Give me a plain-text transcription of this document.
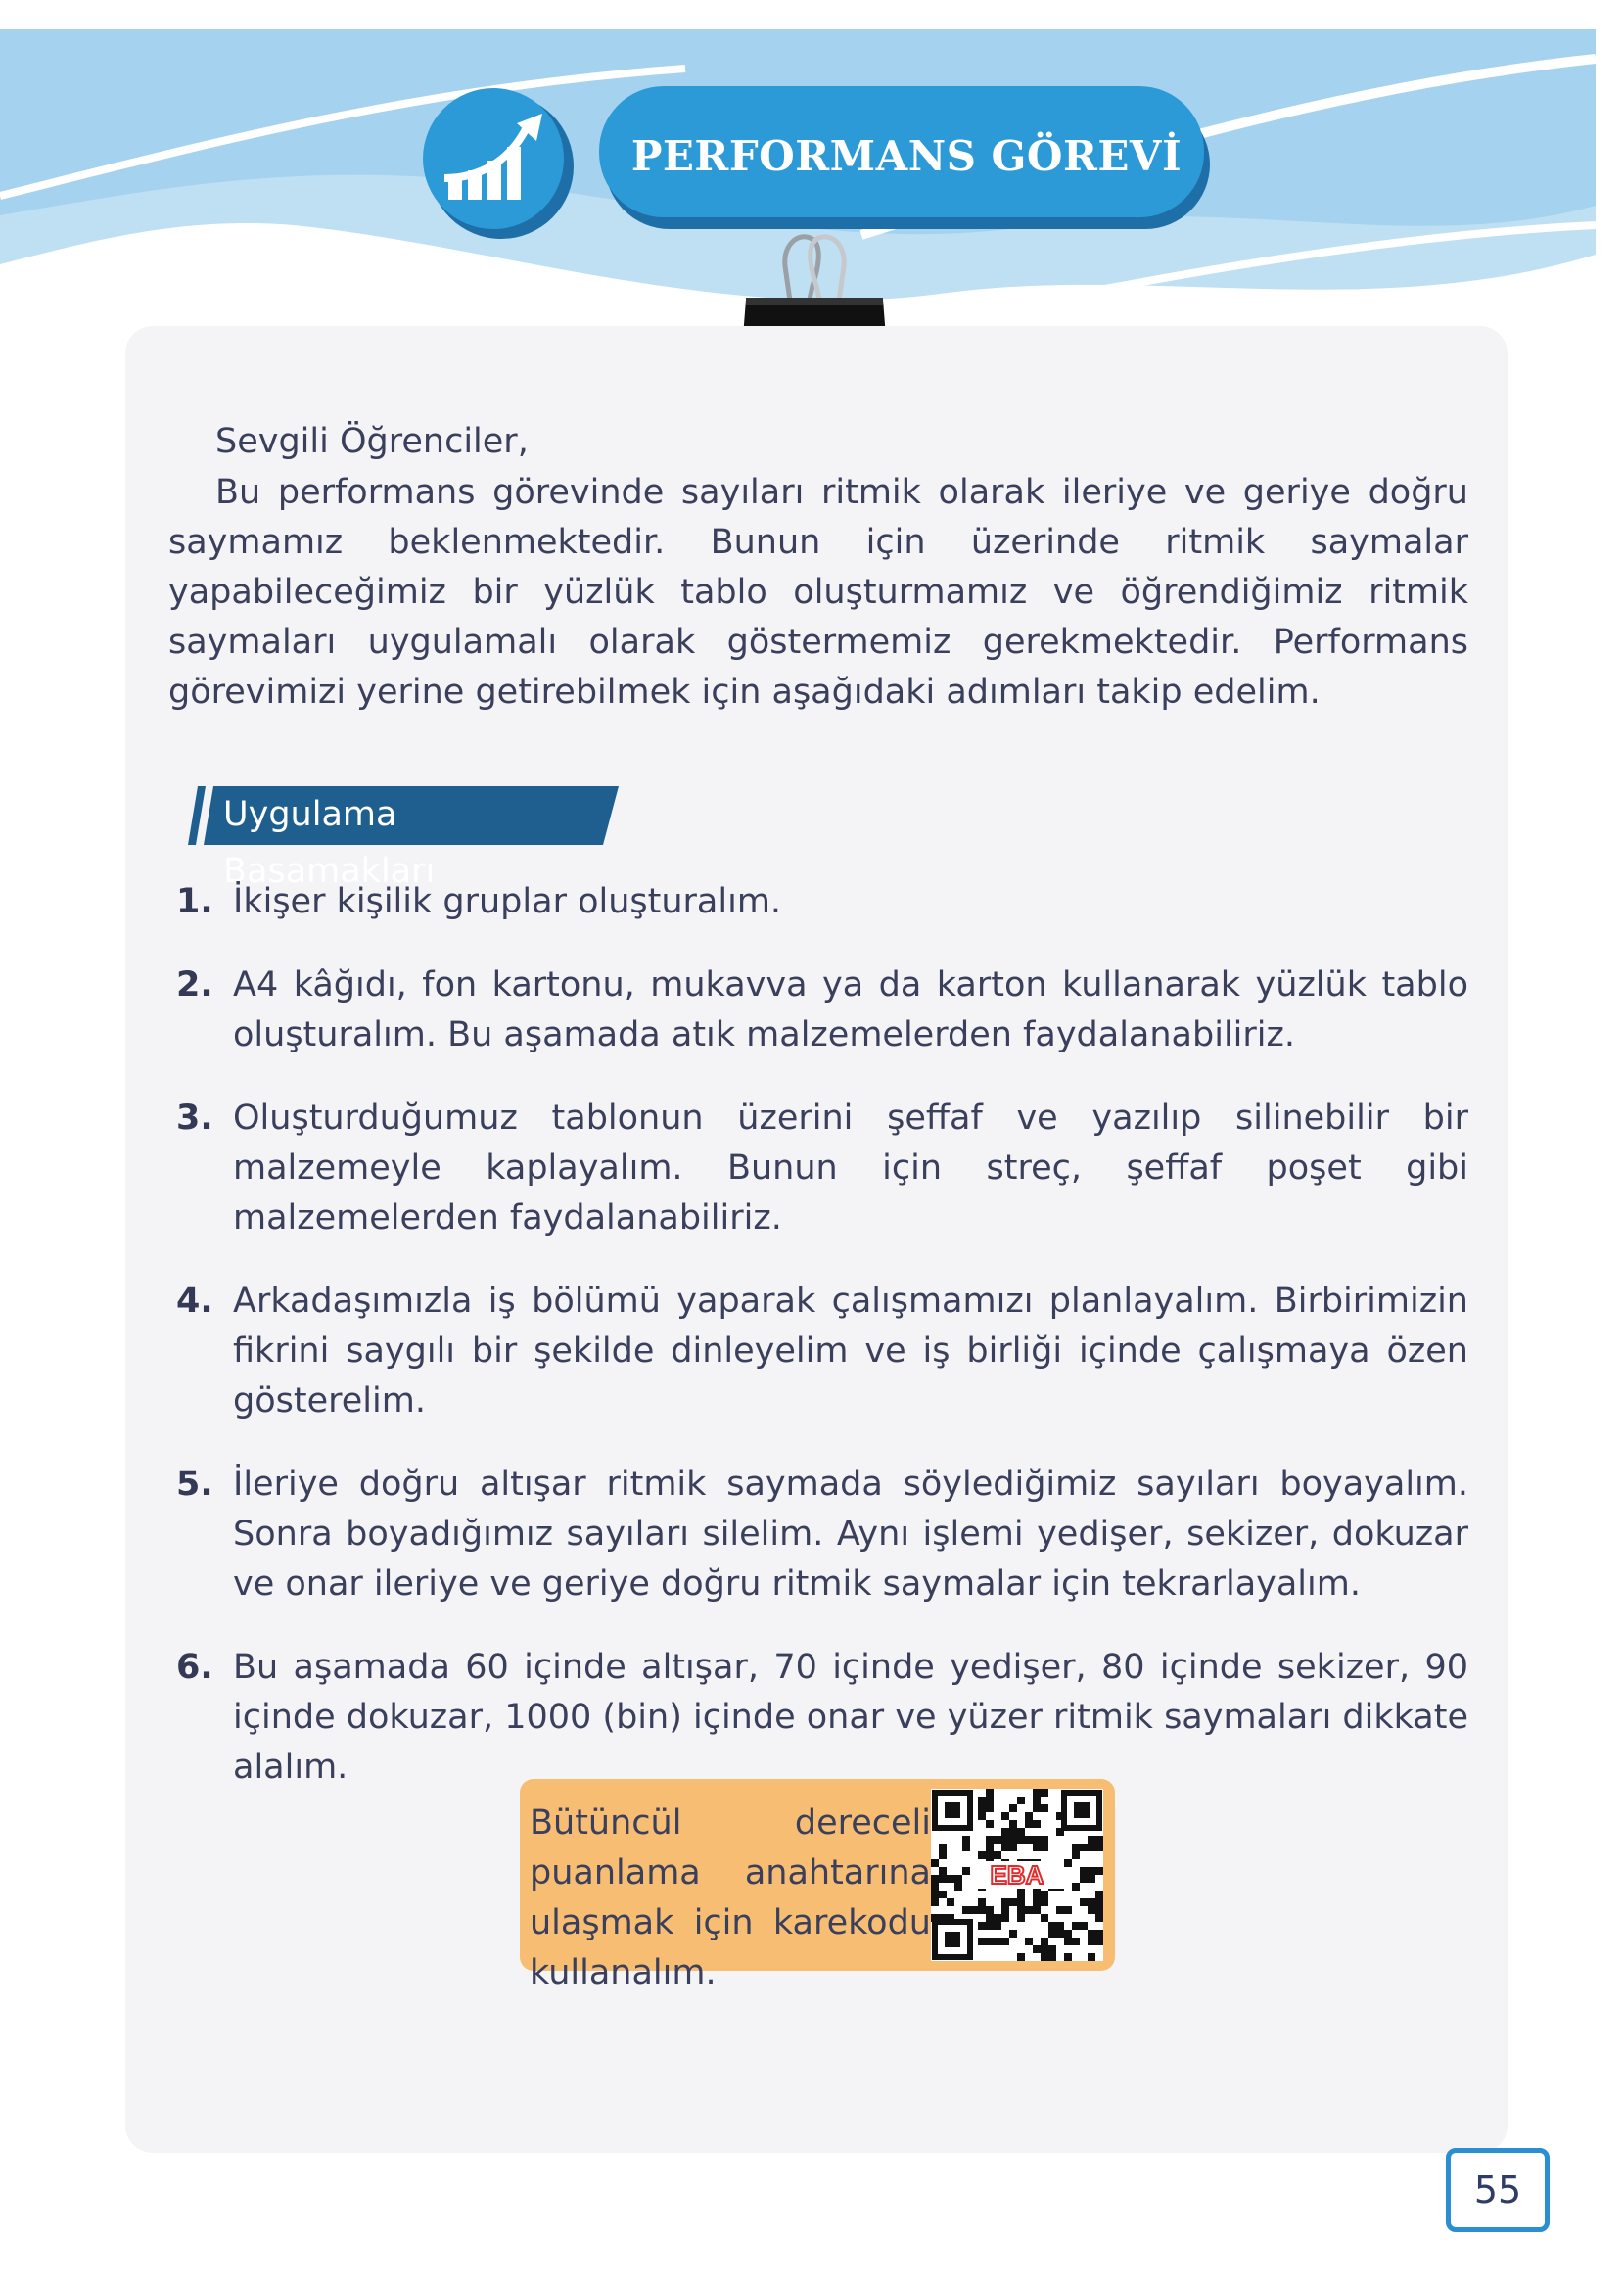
PERFORMANS GÖREVİ
Sevgili Öğrenciler,
Bu performans görevinde sayıları ritmik olarak ileriye ve geriye doğru saymamız beklenmektedir. Bunun için üzerinde ritmik saymalar yapabileceğimiz bir yüzlük tablo oluşturmamız ve öğrendiğimiz ritmik saymaları uygulamalı olarak göstermemiz gerekmektedir. Performans görevimizi yerine getirebilmek için aşağıdaki adımları takip edelim.
Uygulama Basamakları
1. İkişer kişilik gruplar oluşturalım.
2. A4 kâğıdı, fon kartonu, mukavva ya da karton kullanarak yüzlük tablo oluşturalım. Bu aşamada atık malzemelerden faydalanabiliriz.
3. Oluşturduğumuz tablonun üzerini şeffaf ve yazılıp silinebilir bir malzemeyle kaplayalım. Bunun için streç, şeffaf poşet gibi malzemelerden faydalanabiliriz.
4. Arkadaşımızla iş bölümü yaparak çalışmamızı planlayalım. Birbirimizin fikrini saygılı bir şekilde dinleyelim ve iş birliği içinde çalışmaya özen gösterelim.
5. İleriye doğru altışar ritmik saymada söylediğimiz sayıları boyayalım. Sonra boyadığımız sayıları silelim. Aynı işlemi yedişer, sekizer, dokuzar ve onar ileriye ve geriye doğru ritmik saymalar için tekrarlayalım.
6. Bu aşamada 60 içinde altışar, 70 içinde yedişer, 80 içinde sekizer, 90 içinde dokuzar, 1000 (bin) içinde onar ve yüzer ritmik saymaları dikkate alalım.
Bütüncül dereceli puanlama anahtarına ulaşmak için karekodu kullanalım.
EBA
55
